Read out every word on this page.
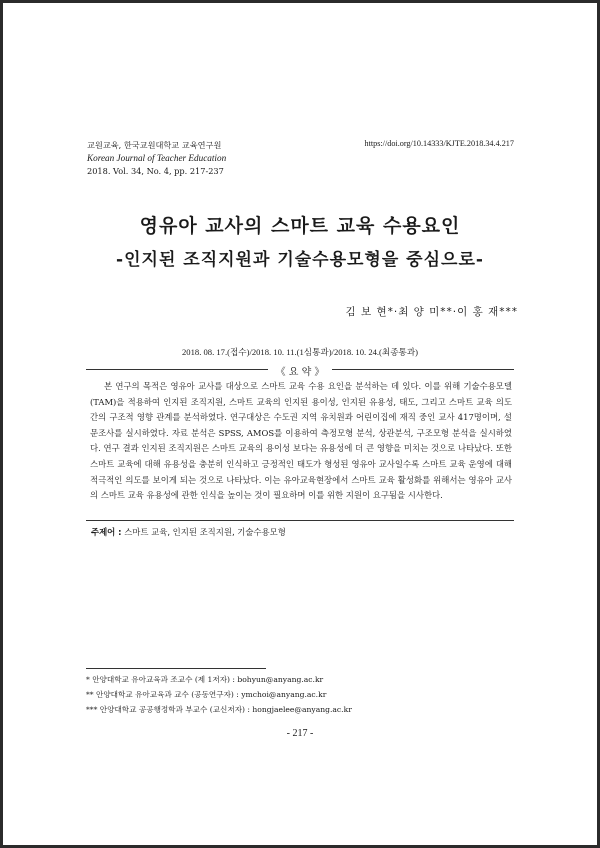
교원교육, 한국교원대학교 교육연구원
Korean Journal of Teacher Education
2018. Vol. 34, No. 4, pp. 217-237
https://doi.org/10.14333/KJTE.2018.34.4.217
영유아 교사의 스마트 교육 수용요인
-인지된 조직지원과 기술수용모형을 중심으로-
김 보 현*·최 양 미**·이 홍 재***
2018. 08. 17.(접수)/2018. 10. 11.(1심통과)/2018. 10. 24.(최종통과)
《 요 약 》
본 연구의 목적은 영유아 교사를 대상으로 스마트 교육 수용 요인을 분석하는 데 있다. 이를 위해 기술수용모델(TAM)을 적용하여 인지된 조직지원, 스마트 교육의 인지된 용이성, 인지된 유용성, 태도, 그리고 스마트 교육 의도 간의 구조적 영향 관계를 분석하였다. 연구대상은 수도권 지역 유치원과 어린이집에 재직 중인 교사 417명이며, 설문조사를 실시하였다. 자료 분석은 SPSS, AMOS를 이용하여 측정모형 분석, 상관분석, 구조모형 분석을 실시하였다. 연구 결과 인지된 조직지원은 스마트 교육의 용이성 보다는 유용성에 더 큰 영향을 미치는 것으로 나타났다. 또한 스마트 교육에 대해 유용성을 충분히 인식하고 긍정적인 태도가 형성된 영유아 교사일수록 스마트 교육 운영에 대해 적극적인 의도를 보이게 되는 것으로 나타났다. 이는 유아교육현장에서 스마트 교육 활성화를 위해서는 영유아 교사의 스마트 교육 유용성에 관한 인식을 높이는 것이 필요하며 이를 위한 지원이 요구됨을 시사한다.
주제어 : 스마트 교육, 인지된 조직지원, 기술수용모형
* 안양대학교 유아교육과 조교수 (제 1저자) : bohyun@anyang.ac.kr
** 안양대학교 유아교육과 교수 (공동연구자) : ymchoi@anyang.ac.kr
*** 안양대학교 공공행정학과 부교수 (교신저자) : hongjaelee@anyang.ac.kr
- 217 -
